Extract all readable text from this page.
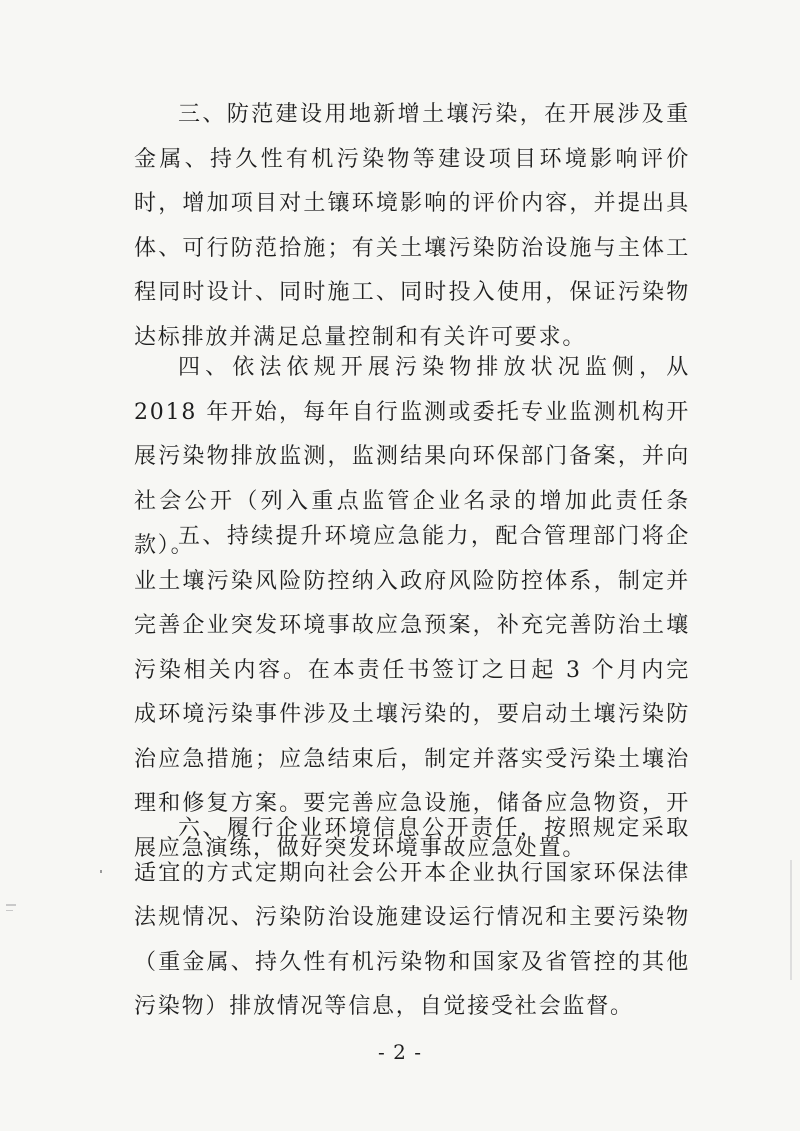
三、防范建设用地新增土壤污染，在开展涉及重金属、持久性有机污染物等建设项目环境影响评价时，增加项目对土镶环境影响的评价内容，并提出具体、可行防范拾施；有关土壤污染防治设施与主体工程同时设计、同时施工、同时投入使用，保证污染物达标排放并满足总量控制和有关许可要求。

四、依法依规开展污染物排放状况监侧，从 2018 年开始，每年自行监测或委托专业监测机构开展污染物排放监测，监测结果向环保部门备案，并向社会公开（列入重点监管企业名录的增加此责任条款）。

五、持续提升环境应急能力，配合管理部门将企业土壤污染风险防控纳入政府风险防控体系，制定并完善企业突发环境事故应急预案，补充完善防治土壤污染相关内容。在本责任书签订之日起 3 个月内完成环境污染事件涉及土壤污染的，要启动土壤污染防治应急措施；应急结束后，制定并落实受污染土壤治理和修复方案。要完善应急设施，储备应急物资，开展应急演练，做好突发环境事故应急处置。

六、履行企业环境信息公开责任，按照规定采取适宜的方式定期向社会公开本企业执行国家环保法律法规情况、污染防治设施建设运行情况和主要污染物（重金属、持久性有机污染物和国家及省管控的其他污染物）排放情况等信息，自觉接受社会监督。

- 2 -
